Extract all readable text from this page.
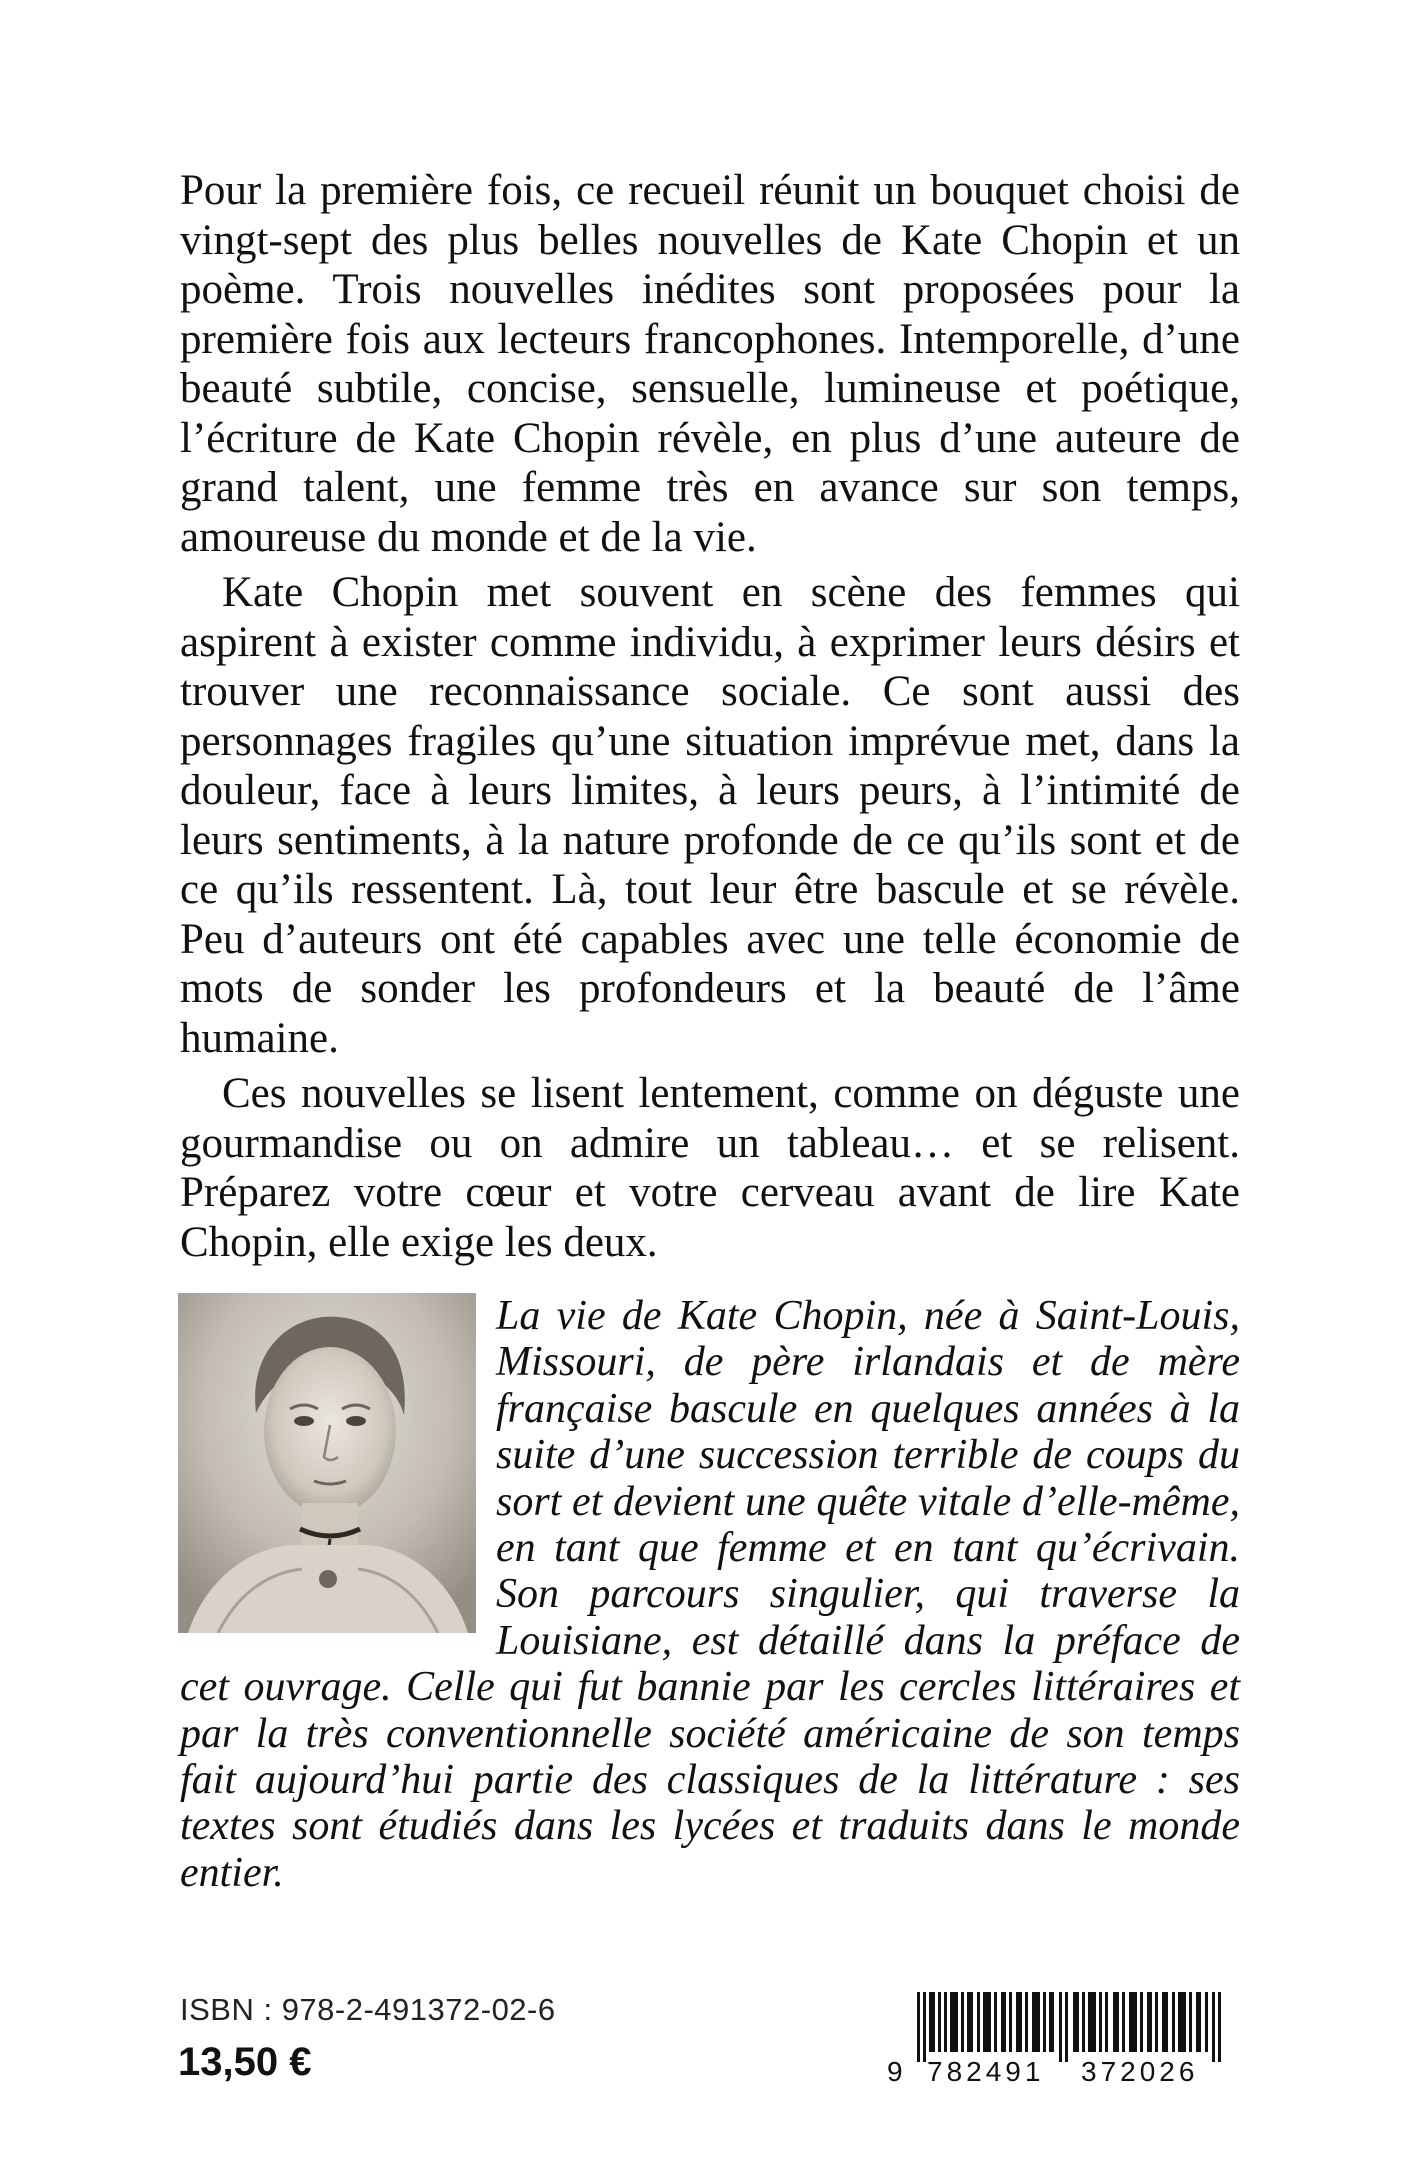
Pour la première fois, ce recueil réunit un bouquet choisi de vingt-sept des plus belles nouvelles de Kate Chopin et un poème. Trois nouvelles inédites sont proposées pour la première fois aux lecteurs francophones. Intemporelle, d’une beauté subtile, concise, sensuelle, lumineuse et poétique, l’écriture de Kate Chopin révèle, en plus d’une auteure de grand talent, une femme très en avance sur son temps, amoureuse du monde et de la vie.

Kate Chopin met souvent en scène des femmes qui aspirent à exister comme individu, à exprimer leurs désirs et trouver une reconnaissance sociale. Ce sont aussi des personnages fragiles qu’une situation imprévue met, dans la douleur, face à leurs limites, à leurs peurs, à l’intimité de leurs sentiments, à la nature profonde de ce qu’ils sont et de ce qu’ils ressentent. Là, tout leur être bascule et se révèle. Peu d’auteurs ont été capables avec une telle économie de mots de sonder les profondeurs et la beauté de l’âme humaine.

Ces nouvelles se lisent lentement, comme on déguste une gourmandise ou on admire un tableau… et se relisent. Préparez votre cœur et votre cerveau avant de lire Kate Chopin, elle exige les deux.

La vie de Kate Chopin, née à Saint-Louis, Missouri, de père irlandais et de mère française bascule en quelques années à la suite d’une succession terrible de coups du sort et devient une quête vitale d’elle-même, en tant que femme et en tant qu’écrivain. Son parcours singulier, qui traverse la Louisiane, est détaillé dans la préface de cet ouvrage. Celle qui fut bannie par les cercles littéraires et par la très conventionnelle société américaine de son temps fait aujourd’hui partie des classiques de la littérature : ses textes sont étudiés dans les lycées et traduits dans le monde entier.
ISBN : 978-2-491372-02-6
13,50 €	9 782491 372026
